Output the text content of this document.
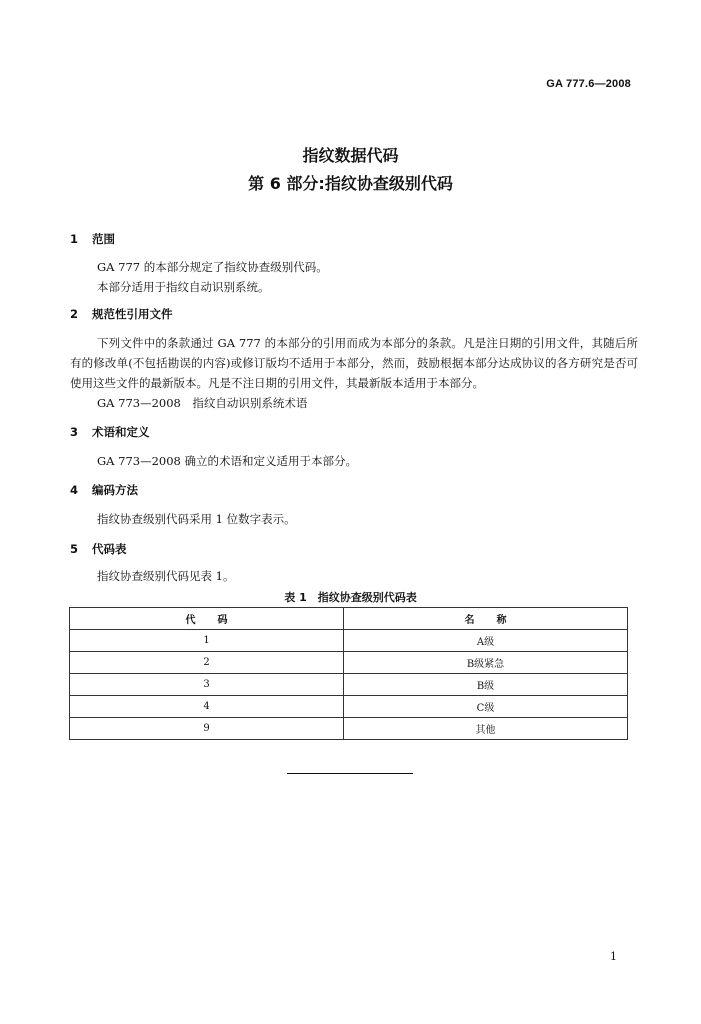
GA 777.6—2008
指纹数据代码
第 6 部分:指纹协查级别代码
1 范围
GA 777 的本部分规定了指纹协查级别代码。
本部分适用于指纹自动识别系统。
2 规范性引用文件
下列文件中的条款通过 GA 777 的本部分的引用而成为本部分的条款。凡是注日期的引用文件，其随后所有的修改单(不包括勘误的内容)或修订版均不适用于本部分，然而，鼓励根据本部分达成协议的各方研究是否可使用这些文件的最新版本。凡是不注日期的引用文件，其最新版本适用于本部分。
GA 773—2008　指纹自动识别系统术语
3 术语和定义
GA 773—2008 确立的术语和定义适用于本部分。
4 编码方法
指纹协查级别代码采用 1 位数字表示。
5 代码表
指纹协查级别代码见表 1。
表 1　指纹协查级别代码表
代码	名称
1	A级
2	B级紧急
3	B级
4	C级
9	其他
1
